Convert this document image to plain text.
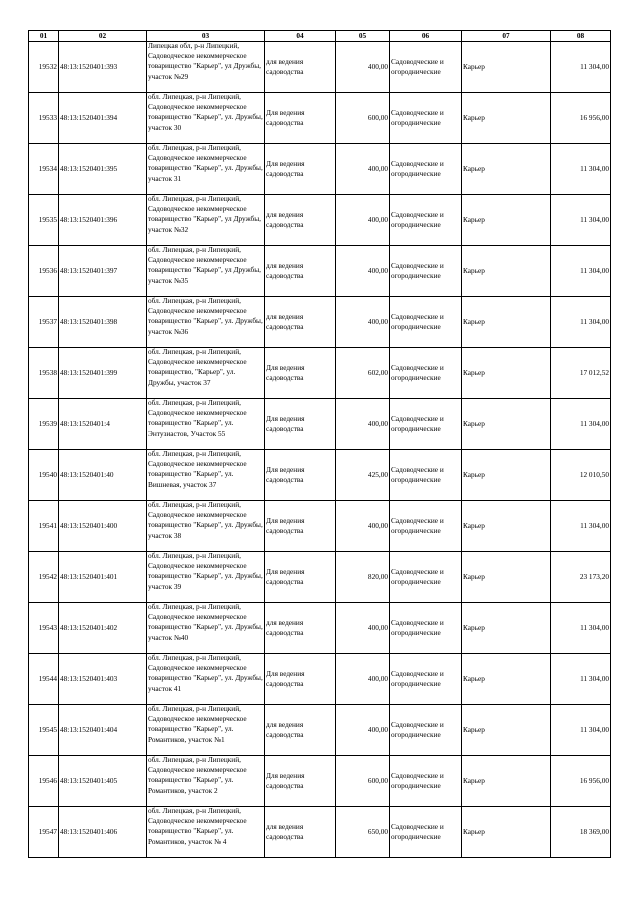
01	02	03	04	05	06	07	08
19532	48:13:1520401:393	Липецкая обл, р-н Липецкий, Садоводческое некоммерческое товарищество "Карьер", ул Дружбы, участок №29	для ведения садоводства	400,00	Садоводческие и огороднические	Карьер	11 304,00
19533	48:13:1520401:394	обл. Липецкая, р-н Липецкий, Садоводческое некоммерческое товарищество "Карьер", ул. Дружбы, участок 30	Для ведения садоводства	600,00	Садоводческие и огороднические	Карьер	16 956,00
19534	48:13:1520401:395	обл. Липецкая, р-н Липецкий, Садоводческое некоммерческое товарищество "Карьер", ул. Дружбы, участок 31	Для ведения садоводства	400,00	Садоводческие и огороднические	Карьер	11 304,00
19535	48:13:1520401:396	обл. Липецкая, р-н Липецкий, Садоводческое некоммерческое товарищество "Карьер", ул Дружбы, участок №32	для ведения садоводства	400,00	Садоводческие и огороднические	Карьер	11 304,00
19536	48:13:1520401:397	обл. Липецкая, р-н Липецкий, Садоводческое некоммерческое товарищество "Карьер", ул Дружбы, участок №35	для ведения садоводства	400,00	Садоводческие и огороднические	Карьер	11 304,00
19537	48:13:1520401:398	обл. Липецкая, р-н Липецкий, Садоводческое некоммерческое товарищество "Карьер", ул. Дружбы, участок №36	для ведения садоводства	400,00	Садоводческие и огороднические	Карьер	11 304,00
19538	48:13:1520401:399	обл. Липецкая, р-н Липецкий, Садоводческое некоммерческое товарищество, "Карьер", ул. Дружбы, участок 37	Для ведения садоводства	602,00	Садоводческие и огороднические	Карьер	17 012,52
19539	48:13:1520401:4	обл. Липецкая, р-н Липецкий, Садоводческое некоммерческое товарищество "Карьер", ул. Энтузиастов, Участок 55	Для ведения садоводства	400,00	Садоводческие и огороднические	Карьер	11 304,00
19540	48:13:1520401:40	обл. Липецкая, р-н Липецкий, Садоводческое некоммерческое товарищество "Карьер", ул. Вишневая, участок 37	Для ведения садоводства	425,00	Садоводческие и огороднические	Карьер	12 010,50
19541	48:13:1520401:400	обл. Липецкая, р-н Липецкий, Садоводческое некоммерческое товарищество "Карьер", ул. Дружбы, участок 38	Для ведения садоводства	400,00	Садоводческие и огороднические	Карьер	11 304,00
19542	48:13:1520401:401	обл. Липецкая, р-н Липецкий, Садоводческое некоммерческое товарищество "Карьер", ул. Дружбы, участок 39	Для ведения садоводства	820,00	Садоводческие и огороднические	Карьер	23 173,20
19543	48:13:1520401:402	обл. Липецкая, р-н Липецкий, Садоводческое некоммерческое товарищество "Карьер", ул. Дружбы, участок №40	для ведения садоводства	400,00	Садоводческие и огороднические	Карьер	11 304,00
19544	48:13:1520401:403	обл. Липецкая, р-н Липецкий, Садоводческое некоммерческое товарищество "Карьер", ул. Дружбы, участок 41	Для ведения садоводства	400,00	Садоводческие и огороднические	Карьер	11 304,00
19545	48:13:1520401:404	обл. Липецкая, р-н Липецкий, Садоводческое некоммерческое товарищество "Карьер", ул. Романтиков, участок №1	для ведения садоводства	400,00	Садоводческие и огороднические	Карьер	11 304,00
19546	48:13:1520401:405	обл. Липецкая, р-н Липецкий, Садоводческое некоммерческое товарищество "Карьер", ул. Романтиков, участок 2	Для ведения садоводства	600,00	Садоводческие и огороднические	Карьер	16 956,00
19547	48:13:1520401:406	обл. Липецкая, р-н Липецкий, Садоводческое некоммерческое товарищество "Карьер", ул. Романтиков, участок № 4	для ведения садоводства	650,00	Садоводческие и огороднические	Карьер	18 369,00
